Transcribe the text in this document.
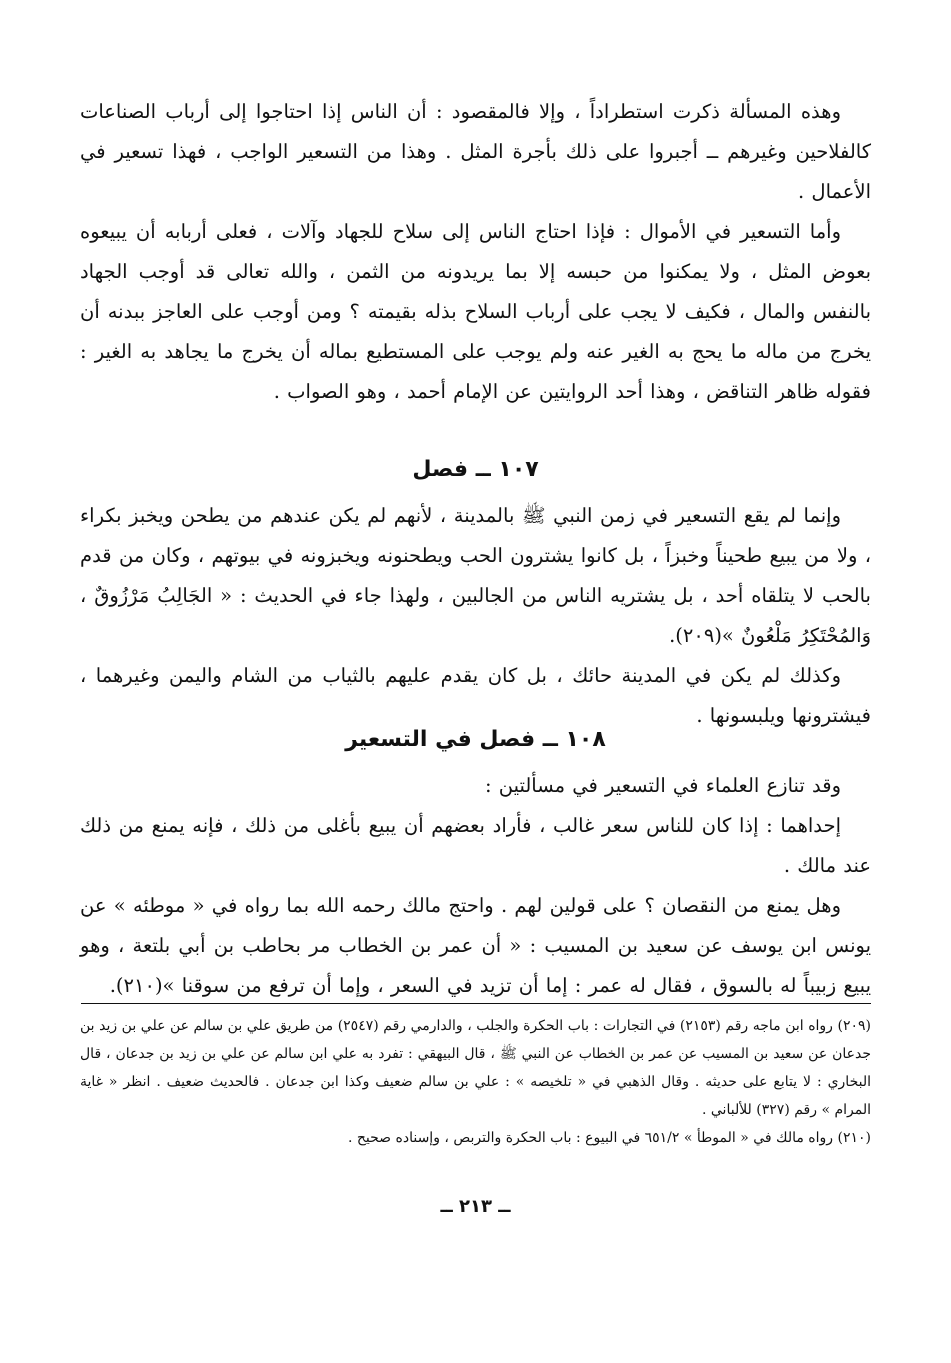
وهذه المسألة ذكرت استطراداً ، وإلا فالمقصود : أن الناس إذا احتاجوا إلى أرباب الصناعات كالفلاحين وغيرهم ــ أجبروا على ذلك بأجرة المثل . وهذا من التسعير الواجب ، فهذا تسعير في الأعمال .

وأما التسعير في الأموال : فإذا احتاج الناس إلى سلاح للجهاد وآلات ، فعلى أربابه أن يبيعوه بعوض المثل ، ولا يمكنوا من حبسه إلا بما يريدونه من الثمن ، والله تعالى قد أوجب الجهاد بالنفس والمال ، فكيف لا يجب على أرباب السلاح بذله بقيمته ؟ ومن أوجب على العاجز ببدنه أن يخرج من ماله ما يحج به الغير عنه ولم يوجب على المستطيع بماله أن يخرج ما يجاهد به الغير : فقوله ظاهر التناقض ، وهذا أحد الروايتين عن الإمام أحمد ، وهو الصواب .

١٠٧ ــ فصل

وإنما لم يقع التسعير في زمن النبي ﷺ بالمدينة ، لأنهم لم يكن عندهم من يطحن ويخبز بكراء ، ولا من يبيع طحيناً وخبزاً ، بل كانوا يشترون الحب ويطحنونه ويخبزونه في بيوتهم ، وكان من قدم بالحب لا يتلقاه أحد ، بل يشتريه الناس من الجالبين ، ولهذا جاء في الحديث : « الجَالِبُ مَرْزُوقٌ ، وَالمُحْتَكِرُ مَلْعُونٌ »(٢٠٩).

وكذلك لم يكن في المدينة حائك ، بل كان يقدم عليهم بالثياب من الشام واليمن وغيرهما ، فيشترونها ويلبسونها .

١٠٨ ــ فصل في التسعير

وقد تنازع العلماء في التسعير في مسألتين :

إحداهما : إذا كان للناس سعر غالب ، فأراد بعضهم أن يبيع بأغلى من ذلك ، فإنه يمنع من ذلك عند مالك .

وهل يمنع من النقصان ؟ على قولين لهم . واحتج مالك رحمه الله بما رواه في « موطئه » عن يونس ابن يوسف عن سعيد بن المسيب : « أن عمر بن الخطاب مر بحاطب بن أبي بلتعة ، وهو يبيع زبيباً له بالسوق ، فقال له عمر : إما أن تزيد في السعر ، وإما أن ترفع من سوقنا »(٢١٠).

(٢٠٩) رواه ابن ماجه رقم (٢١٥٣) في التجارات : باب الحكرة والجلب ، والدارمي رقم (٢٥٤٧) من طريق علي بن سالم عن علي بن زيد بن جدعان عن سعيد بن المسيب عن عمر بن الخطاب عن النبي ﷺ ، قال البيهقي : تفرد به علي ابن سالم عن علي بن زيد بن جدعان ، قال البخاري : لا يتابع على حديثه . وقال الذهبي في « تلخيصه » : علي بن سالم ضعيف وكذا ابن جدعان . فالحديث ضعيف . انظر « غاية المرام » رقم (٣٢٧) للألباني .

(٢١٠) رواه مالك في « الموطأ » ٦٥١/٢ في البيوع : باب الحكرة والتربص ، وإسناده صحيح .

ــ ٢١٣ ــ
